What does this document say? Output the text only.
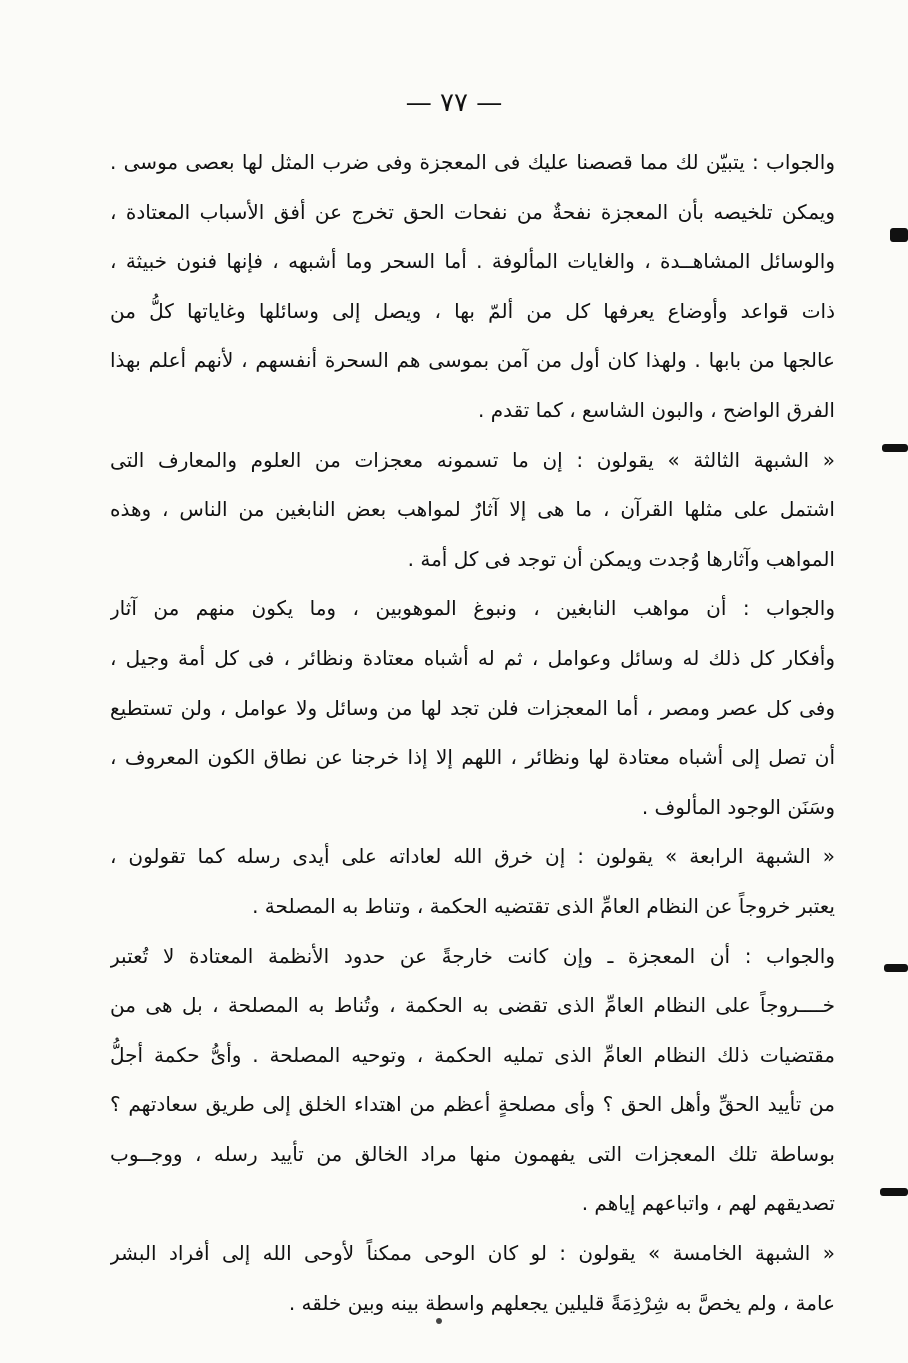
— ٧٧ —
والجواب : يتبيّن لك مما قصصنا عليك فى المعجزة وفى ضرب المثل لها بعصى موسى .
ويمكن تلخيصه بأن المعجزة نفحةٌ من نفحات الحق تخرج عن أفق الأسباب المعتادة ،
والوسائل المشاهــدة ، والغايات المألوفة . أما السحر وما أشبهه ، فإنها فنون خبيثة ،
ذات قواعد وأوضاع يعرفها كل من ألمّ بها ، ويصل إلى وسائلها وغاياتها كلُّ من
عالجها من بابها . ولهذا كان أول من آمن بموسى هم السحرة أنفسهم ، لأنهم أعلم بهذا
الفرق الواضح ، والبون الشاسع ، كما تقدم .
« الشبهة الثالثة » يقولون : إن ما تسمونه معجزات من العلوم والمعارف التى
اشتمل على مثلها القرآن ، ما هى إلا آثارٌ لمواهب بعض النابغين من الناس ، وهذه
المواهب وآثارها وُجدت ويمكن أن توجد فى كل أمة .
والجواب : أن مواهب النابغين ، ونبوغ الموهوبين ، وما يكون منهم من آثار
وأفكار كل ذلك له وسائل وعوامل ، ثم له أشباه معتادة ونظائر ، فى كل أمة وجيل ،
وفى كل عصر ومصر ، أما المعجزات فلن تجد لها من وسائل ولا عوامل ، ولن تستطيع
أن تصل إلى أشباه معتادة لها ونظائر ، اللهم إلا إذا خرجنا عن نطاق الكون المعروف ،
وسَنَن الوجود المألوف .
« الشبهة الرابعة » يقولون : إن خرق الله لعاداته على أيدى رسله كما تقولون ،
يعتبر خروجاً عن النظام العامِّ الذى تقتضيه الحكمة ، وتناط به المصلحة .
والجواب : أن المعجزة ـ وإن كانت خارجةً عن حدود الأنظمة المعتادة لا تُعتبر
خــــروجاً على النظام العامِّ الذى تقضى به الحكمة ، وتُناط به المصلحة ، بل هى من
مقتضيات ذلك النظام العامِّ الذى تمليه الحكمة ، وتوحيه المصلحة . وأىُّ حكمة أجلُّ
من تأييد الحقِّ وأهل الحق ؟ وأى مصلحةٍ أعظم من اهتداء الخلق إلى طريق سعادتهم ؟
بوساطة تلك المعجزات التى يفهمون منها مراد الخالق من تأييد رسله ، ووجــوب
تصديقهم لهم ، واتباعهم إياهم .
« الشبهة الخامسة » يقولون : لو كان الوحى ممكناً لأوحى الله إلى أفراد البشر
عامة ، ولم يخصَّ به شِرْذِمَةً قليلين يجعلهم واسطة بينه وبين خلقه .
